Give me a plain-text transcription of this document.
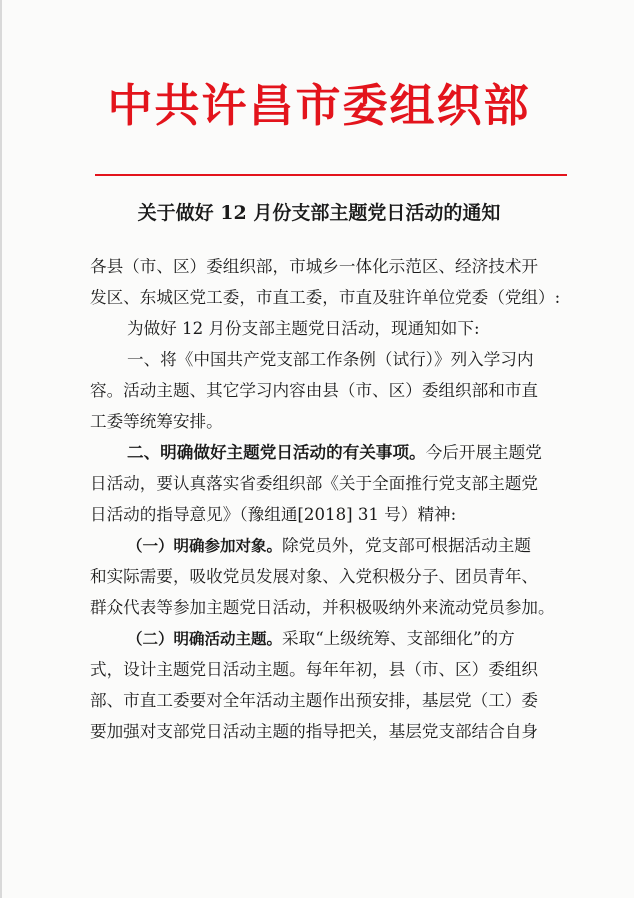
中共许昌市委组织部
关于做好 12 月份支部主题党日活动的通知
各县（市、区）委组织部，市城乡一体化示范区、经济技术开
发区、东城区党工委，市直工委，市直及驻许单位党委（党组）:
为做好 12 月份支部主题党日活动，现通知如下:
一、将《中国共产党支部工作条例（试行）》列入学习内
容。活动主题、其它学习内容由县（市、区）委组织部和市直
工委等统筹安排。
二、明确做好主题党日活动的有关事项。今后开展主题党
日活动，要认真落实省委组织部《关于全面推行党支部主题党
日活动的指导意见》（豫组通[2018] 31 号）精神:
（一）明确参加对象。除党员外，党支部可根据活动主题
和实际需要，吸收党员发展对象、入党积极分子、团员青年、
群众代表等参加主题党日活动，并积极吸纳外来流动党员参加。
（二）明确活动主题。采取“上级统筹、支部细化”的方
式，设计主题党日活动主题。每年年初，县（市、区）委组织
部、市直工委要对全年活动主题作出预安排，基层党（工）委
要加强对支部党日活动主题的指导把关，基层党支部结合自身
